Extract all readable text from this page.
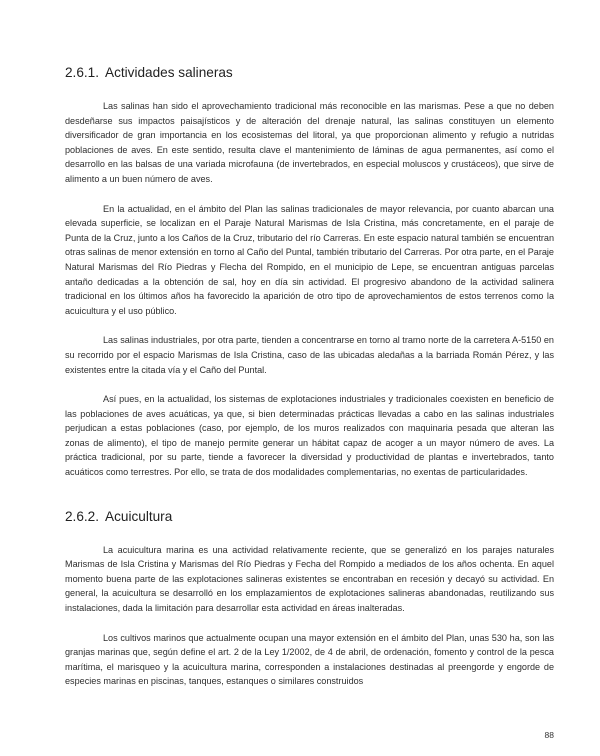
2.6.1. Actividades salineras

Las salinas han sido el aprovechamiento tradicional más reconocible en las marismas. Pese a que no deben desdeñarse sus impactos paisajísticos y de alteración del drenaje natural, las salinas constituyen un elemento diversificador de gran importancia en los ecosistemas del litoral, ya que proporcionan alimento y refugio a nutridas poblaciones de aves. En este sentido, resulta clave el mantenimiento de láminas de agua permanentes, así como el desarrollo en las balsas de una variada microfauna (de invertebrados, en especial moluscos y crustáceos), que sirve de alimento a un buen número de aves.

En la actualidad, en el ámbito del Plan las salinas tradicionales de mayor relevancia, por cuanto abarcan una elevada superficie, se localizan en el Paraje Natural Marismas de Isla Cristina, más concretamente, en el paraje de Punta de la Cruz, junto a los Caños de la Cruz, tributario del río Carreras. En este espacio natural también se encuentran otras salinas de menor extensión en torno al Caño del Puntal, también tributario del Carreras. Por otra parte, en el Paraje Natural Marismas del Río Piedras y Flecha del Rompido, en el municipio de Lepe, se encuentran antiguas parcelas antaño dedicadas a la obtención de sal, hoy en día sin actividad. El progresivo abandono de la actividad salinera tradicional en los últimos años ha favorecido la aparición de otro tipo de aprovechamientos de estos terrenos como la acuicultura y el uso público.

Las salinas industriales, por otra parte, tienden a concentrarse en torno al tramo norte de la carretera A-5150 en su recorrido por el espacio Marismas de Isla Cristina, caso de las ubicadas aledañas a la barriada Román Pérez, y las existentes entre la citada vía y el Caño del Puntal.

Así pues, en la actualidad, los sistemas de explotaciones industriales y tradicionales coexisten en beneficio de las poblaciones de aves acuáticas, ya que, si bien determinadas prácticas llevadas a cabo en las salinas industriales perjudican a estas poblaciones (caso, por ejemplo, de los muros realizados con maquinaria pesada que alteran las zonas de alimento), el tipo de manejo permite generar un hábitat capaz de acoger a un mayor número de aves. La práctica tradicional, por su parte, tiende a favorecer la diversidad y productividad de plantas e invertebrados, tanto acuáticos como terrestres. Por ello, se trata de dos modalidades complementarias, no exentas de particularidades.

2.6.2. Acuicultura

La acuicultura marina es una actividad relativamente reciente, que se generalizó en los parajes naturales Marismas de Isla Cristina y Marismas del Río Piedras y Fecha del Rompido a mediados de los años ochenta. En aquel momento buena parte de las explotaciones salineras existentes se encontraban en recesión y decayó su actividad. En general, la acuicultura se desarrolló en los emplazamientos de explotaciones salineras abandonadas, reutilizando sus instalaciones, dada la limitación para desarrollar esta actividad en áreas inalteradas.

Los cultivos marinos que actualmente ocupan una mayor extensión en el ámbito del Plan, unas 530 ha, son las granjas marinas que, según define el art. 2 de la Ley 1/2002, de 4 de abril, de ordenación, fomento y control de la pesca marítima, el marisqueo y la acuicultura marina, corresponden a instalaciones destinadas al preengorde y engorde de especies marinas en piscinas, tanques, estanques o similares construidos

88
